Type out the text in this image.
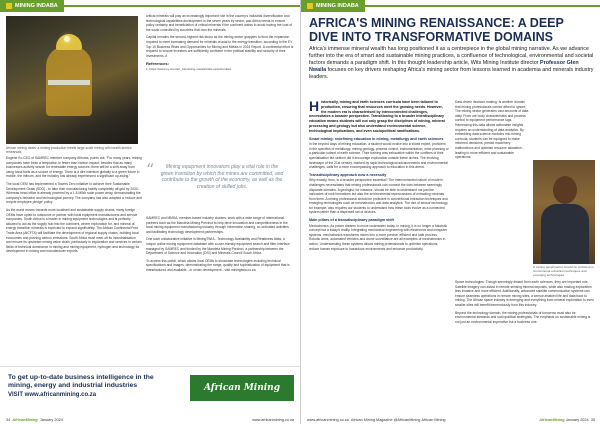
MINING INDABA
African mining deals: a mining production meets large-scale mining with health service rehearsals

Eugene Ko CEO of SAMREC member company Afriocta, points out, "For many years, mining companies have been a temptation to fewer than carbon impact; besides that as many businesses actively search for renewable energy sources; there will be a shift away from using fossil fuels as a source of energy. There is a dire intention globally to a green future in mobile, the infinum, and the industry has already experienced a significant up-swing."

The local OEM has implemented a Towers Zero initiative to achieve their Sustainable Development Goals (SDG) - to take their manufacturing facility completely off-grid by 2030. Whereas head office is already powered by a 1.5-MWh solar power array, demonstrating the company's behavior and technological journey. The company has also adopted a 'reduce and recycle employee pledge' policy.

As the world moves towards more localised and sustainable supply chains, many foreign OEMs have opted to outsource or partner with local equipment manufacturers and service companies. South Africa is a leader in mining equipment technologies and is perfectly situated to act as the supply hub into the continent, where exploration for, and mineral of, energy transition minerals is expected to expand significantly. The African Continental Free Trade Area (AfCFTA) will facilitate the development of regional supply chains, building local economies and pushing carbon emissions. South Africa must meet off its industrialisation and ensure its upstream mining value chain, particularly in exploration and services in certain fields of technical dominance in mining and mining equipment, hydrogen and technology for development in mining and manufacturer exports.

critical minerals will play an increasingly important role in the country's industrial diversification and technological capabilities development in the seven years by sector, and Africa needs to ensure policy certainty and beneficiation of critical minerals if the continent wants to avoid having the cost of the world controlled by countries that own the minerals.

Capital remains the second-highest risk factor as the mining sector grapples to fund the expansion required to meet increasing demand for minerals crucial to the energy transition, according to the EY Top 10 Business Risks and Opportunities for Mining and Metals in 2024 Report. A continental effort is required to ensure investors are sufficiently confident in the political stability and security of their investments. #

References:
1. https://www.ey.com/en_za/mining-metals/risks-opportunities
“	Mining equipment innovators play a vital role in the green transition by which the mines are committed, and contribute to the growth of the economy, as well as the creation of skilled jobs.

SAMREC and MMSA, member-based industry clusters, work with a wide range of international partners such as the Mandela Mining Precinct to help drive innovation and competitiveness in the local mining equipment manufacturing industry through information sharing, co-ordinated activities and facilitating technology development partnerships.

One such collaborative initiative is MiningTWIA - Technology Availability and Readiness Atlas, a unique online mining equipment database with a user-friendly equipment search and filter interface managed by SAMREC and funded by the Mandela Mining Precinct, a partnership between the Department of Science and Innovation (DSI) and Minerals Council South Africa.

To access this portal, which allows local OEMs to showcase technologies including technical specifications and images, demonstrating the range, quality and sophistication of equipment that is manufactured and available - or under development - visit miningtwia.co.za.

To get up-to-date business intelligence in the mining, energy and industrial industries
VISIT www.africanmining.co.za
African Mining
34
AfricanMining
January 2024	www.africanmining.co.za
MINING INDABA
AFRICA'S MINING RENAISSANCE: A DEEP DIVE INTO TRANSFORMATIVE DOMAINS
Africa's immense mineral wealth has long positioned it as a centrepiece in the global mining narrative. As we advance further into the era of smart and sustainable mining practices, a confluence of technological, environmental and societal factors demands a paradigm shift. In this thought leadership article, Wits Mining Institute director Professor Glen Nwaila focuses on key drivers reshaping Africa's mining sector from lessons learned in academia and minerals industry leaders.

Historically, mining and earth sciences curricula have been tailored to production, ensuring that resources meet the growing needs. However, the modern era is characterised by interconnected challenges, necessitates a broader perspective. Transitioning to a broader interdisciplinary education means students will not only grasp the disciplines of mining, mineral processing and geology but also understand environmental science, technological implications, and even sociopolitical ramifications.

Smart mining: redefining education in mining, metallurgy and earth sciences

In the beyond days of mining education, a student would evolve into a siloed expert, proficient in the specifics of metallurgy, mining geology, process control, instrumentation, mine planning or a particular subset of earth science. Their training was exhaustive within the confines of their specialisation but seldom did it encourage exploration outside these niches. The evolving landscape of the 21st century, marked by rapid technological advancements and environmental challenges, calls for a more encompassing approach to education in this arena.

Transdisciplinary approach now a necessity

Why exactly, then, is a broader perspective essential? The interconnected nature of modern challenges necessitates that mining professionals can connect the dots between seemingly disparate domains. A geologist, for instance, should be able to understand not just the intricacies of rock formations but also the environmental repercussions of extracting minerals from them. A mining professional should be proficient in conventional extraction techniques and emerging technologies such as mechatronics and data analytics. The rise of sensor technology, for example, also requires our students to understand how these tools evolve as a connected system rather than a dispersed set of devices.

Main pillars of a transdisciplinary paradigm shift

Mechatronics: As power dreams to move underwater today, in mining, it is no longer a futuristic concept but a today's reality. Integrating mechanical engineering with electronics and computer systems, mechatronics transforms mines into a more precise, efficient and safe process. Robotic arms, automated vehicles and drone surveillance are all examples of mechatronics in action. Understanding these systems allows mining professionals to optimise operations, reduce human exposure to hazardous environments and enhance productivity.

Data-driven decision-making: Is another domain that mining professionals cannot afford to ignore. The mining sector generates vast amounts of data daily. From ore body characteristics and process control to equipment performance logs. Harnessing this data allows actionable insights requires an understanding of data analytics. By embedding data science modules into mining curricula, students can be equipped to make informed decisions, predict machinery malfunctions and optimise resource allocation - leading to more efficient and sustainable operations.

A mining geophysicist should be proficient in conventional extraction techniques and emerging technologies.

Space technologies: Though seemingly distant from earth sciences, they are important role. Satellite imagery can assist in remote sensing mineral deposits, while also making exploration less invasive and more efficient. Additionally, advanced satellite communication systems can ensure seamless operations in remote mining sites, a sensor-enabled life and data back to mining. The African space industry is emerging and everything from mineral exploration to even smaller sites will benefit tremendously from this industry.

Beyond the technology domain, the mining professionals of tomorrow must also be environmental stewards and sociopolitical strategists. The emphasis on sustainable mining is not just an environmental imperative but a business one.

www.africanmining.co.za
African Mining Magazine
@AfricanMining
African Mining	AfricanMining
January 2024
35
